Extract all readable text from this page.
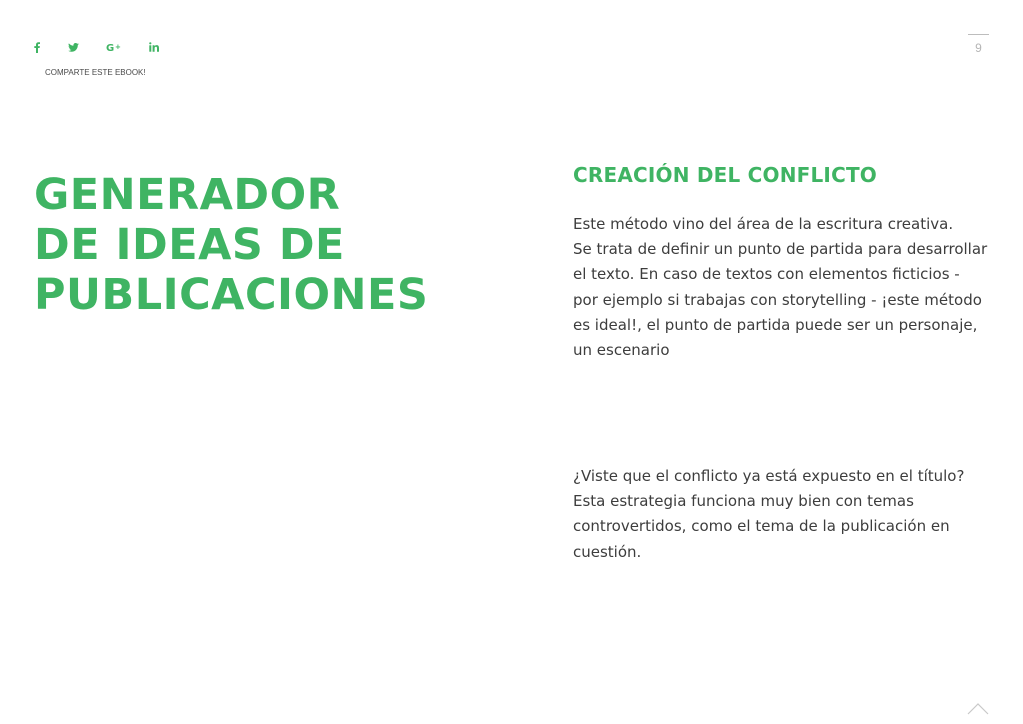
G +
COMPARTE ESTE EBOOK!
9
GENERADOR
DE IDEAS DE
PUBLICACIONES
CREACIÓN DEL CONFLICTO

Este método vino del área de la escritura creativa.
Se trata de definir un punto de partida para desarrollar
el texto. En caso de textos con elementos ficticios -
por ejemplo si trabajas con storytelling - ¡este método
es ideal!, el punto de partida puede ser un personaje,
un escenario

¿Viste que el conflicto ya está expuesto en el título?
Esta estrategia funciona muy bien con temas
controvertidos, como el tema de la publicación en
cuestión.
